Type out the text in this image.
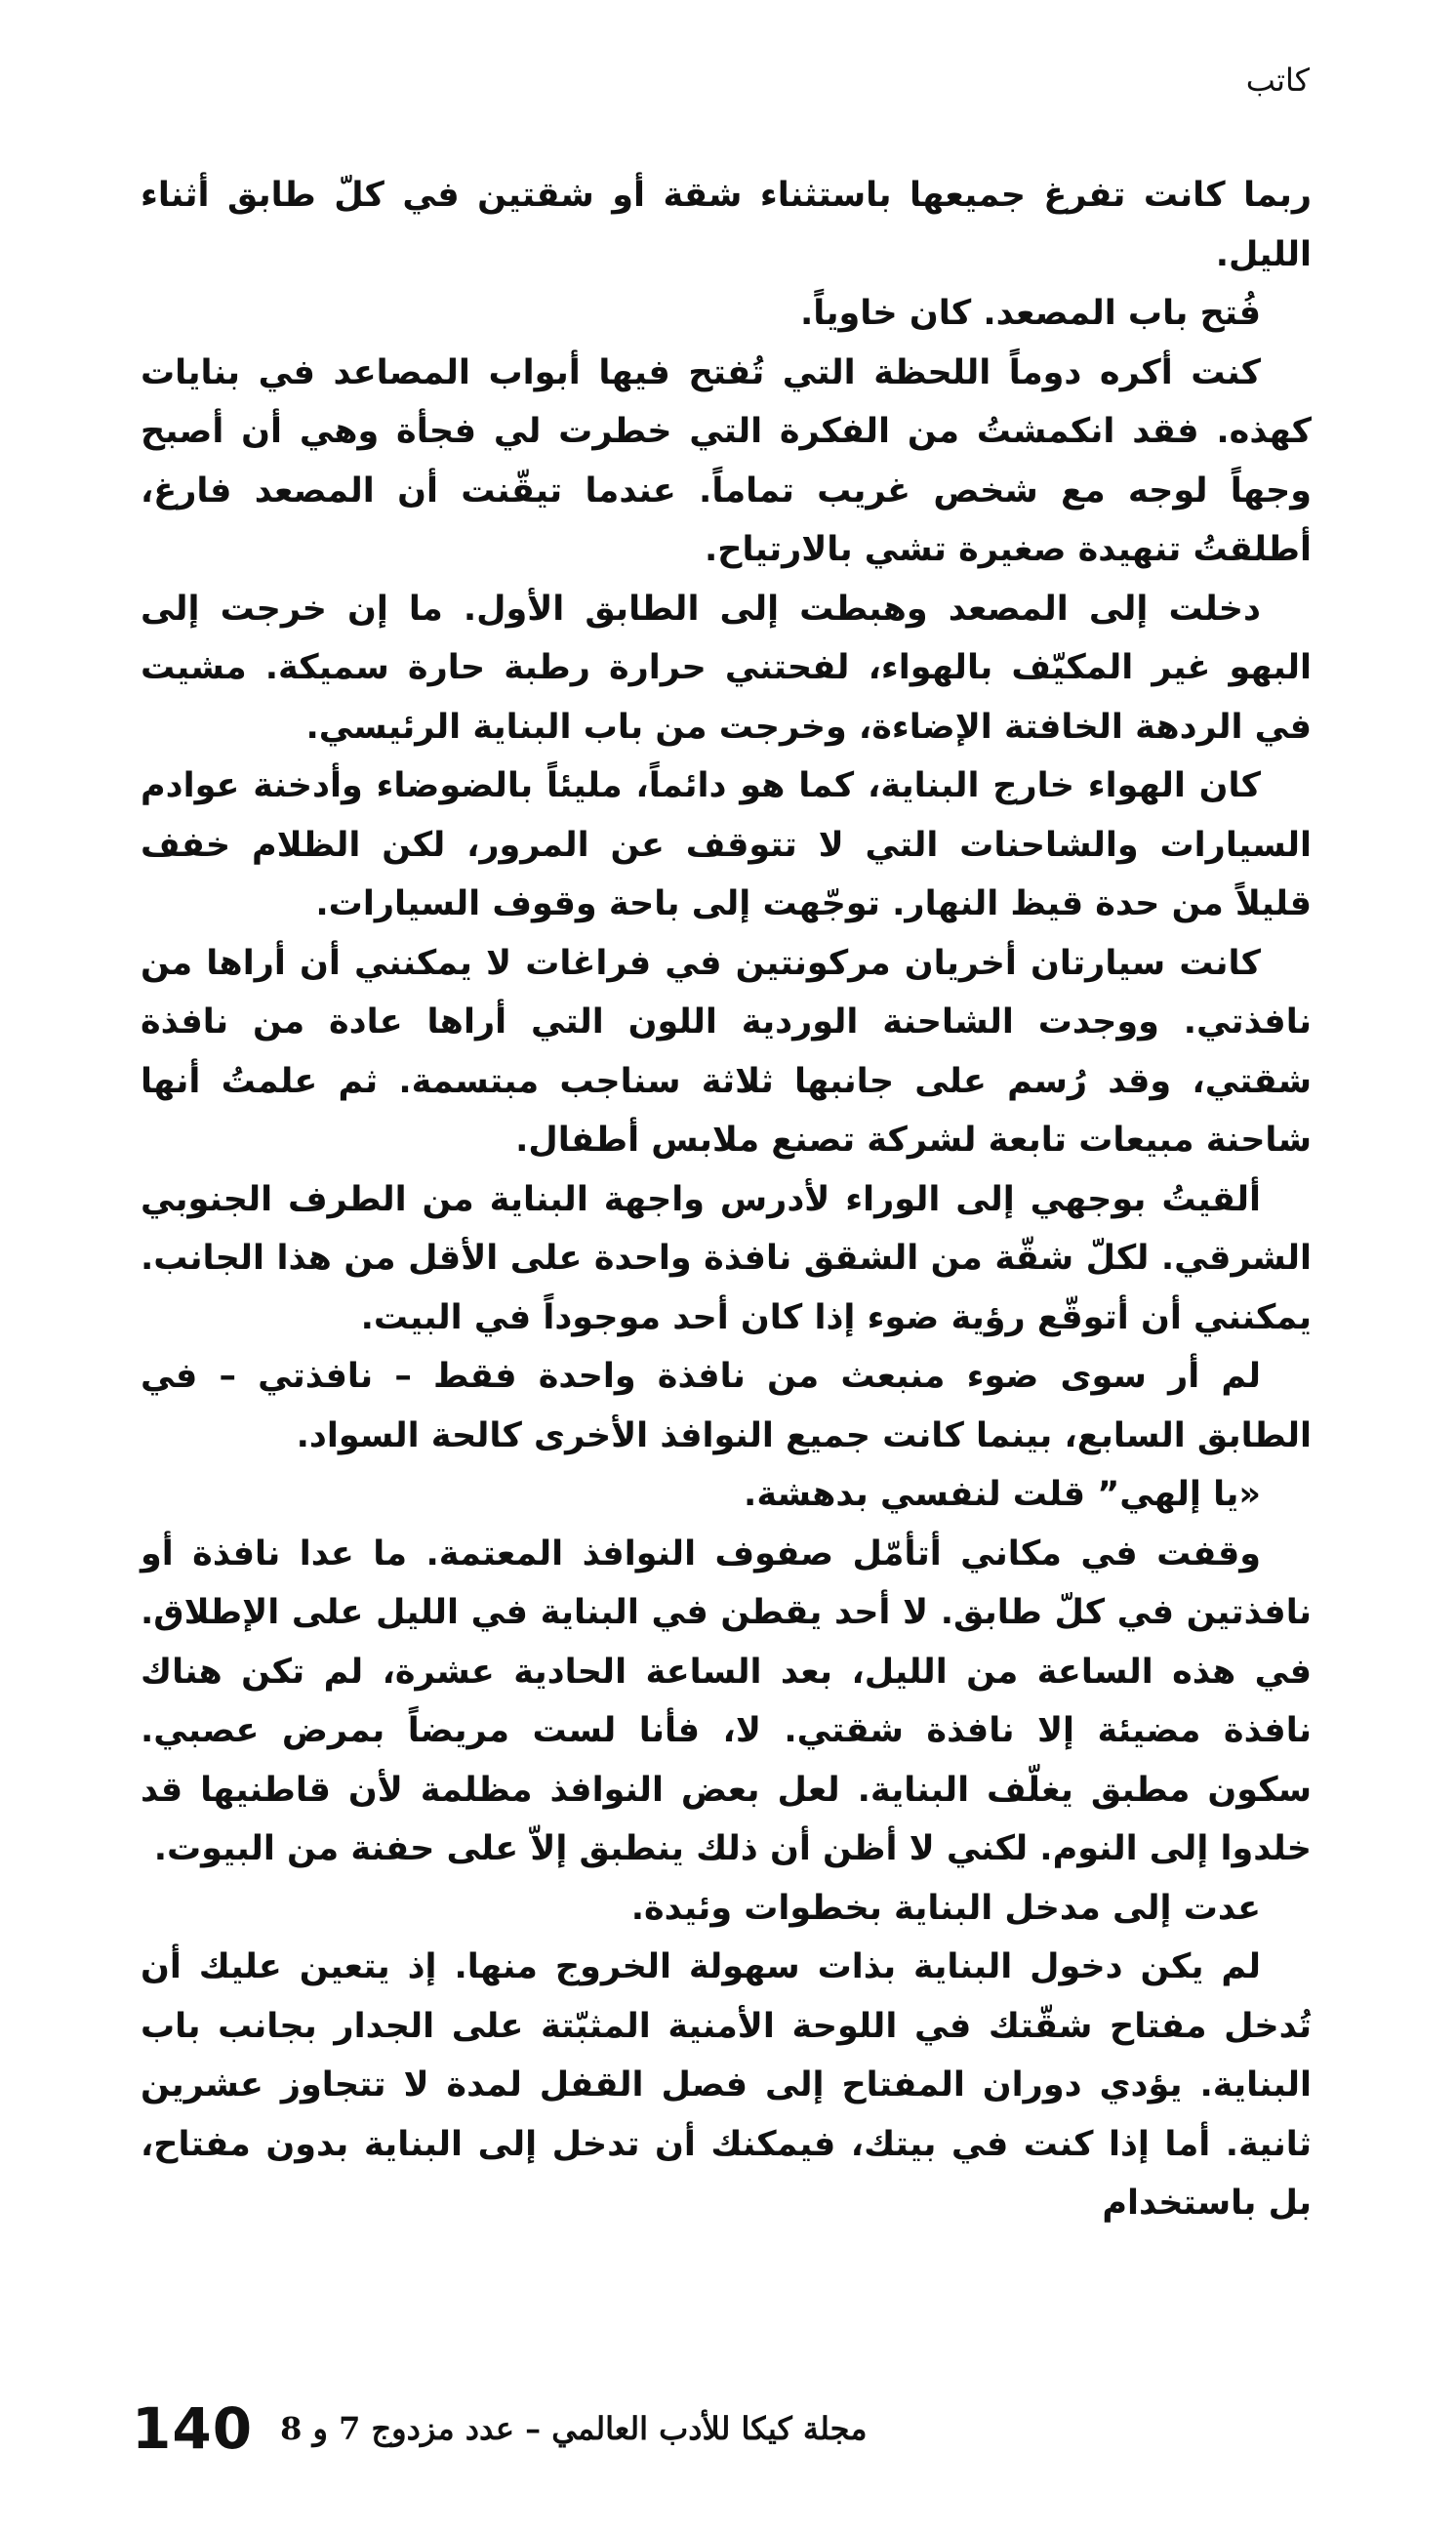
كاتب

ربما كانت تفرغ جميعها باستثناء شقة أو شقتين في كلّ طابق أثناء الليل.

فُتح باب المصعد. كان خاوياً.

كنت أكره دوماً اللحظة التي تُفتح فيها أبواب المصاعد في بنايات كهذه. فقد انكمشتُ من الفكرة التي خطرت لي فجأة وهي أن أصبح وجهاً لوجه مع شخص غريب تماماً. عندما تيقّنت أن المصعد فارغ، أطلقتُ تنهيدة صغيرة تشي بالارتياح.

دخلت إلى المصعد وهبطت إلى الطابق الأول. ما إن خرجت إلى البهو غير المكيّف بالهواء، لفحتني حرارة رطبة حارة سميكة. مشيت في الردهة الخافتة الإضاءة، وخرجت من باب البناية الرئيسي.

كان الهواء خارج البناية، كما هو دائماً، مليئاً بالضوضاء وأدخنة عوادم السيارات والشاحنات التي لا تتوقف عن المرور، لكن الظلام خفف قليلاً من حدة قيظ النهار. توجّهت إلى باحة وقوف السيارات.

كانت سيارتان أخريان مركونتين في فراغات لا يمكنني أن أراها من نافذتي. ووجدت الشاحنة الوردية اللون التي أراها عادة من نافذة شقتي، وقد رُسم على جانبها ثلاثة سناجب مبتسمة. ثم علمتُ أنها شاحنة مبيعات تابعة لشركة تصنع ملابس أطفال.

ألقيتُ بوجهي إلى الوراء لأدرس واجهة البناية من الطرف الجنوبي الشرقي. لكلّ شقّة من الشقق نافذة واحدة على الأقل من هذا الجانب. يمكنني أن أتوقّع رؤية ضوء إذا كان أحد موجوداً في البيت.

لم أر سوى ضوء منبعث من نافذة واحدة فقط – نافذتي – في الطابق السابع، بينما كانت جميع النوافذ الأخرى كالحة السواد.

«يا إلهي” قلت لنفسي بدهشة.

وقفت في مكاني أتأمّل صفوف النوافذ المعتمة. ما عدا نافذة أو نافذتين في كلّ طابق. لا أحد يقطن في البناية في الليل على الإطلاق. في هذه الساعة من الليل، بعد الساعة الحادية عشرة، لم تكن هناك نافذة مضيئة إلا نافذة شقتي. لا، فأنا لست مريضاً بمرض عصبي. سكون مطبق يغلّف البناية. لعل بعض النوافذ مظلمة لأن قاطنيها قد خلدوا إلى النوم. لكني لا أظن أن ذلك ينطبق إلاّ على حفنة من البيوت.

عدت إلى مدخل البناية بخطوات وئيدة.

لم يكن دخول البناية بذات سهولة الخروج منها. إذ يتعين عليك أن تُدخل مفتاح شقّتك في اللوحة الأمنية المثبّتة على الجدار بجانب باب البناية. يؤدي دوران المفتاح إلى فصل القفل لمدة لا تتجاوز عشرين ثانية. أما إذا كنت في بيتك، فيمكنك أن تدخل إلى البناية بدون مفتاح، بل باستخدام

140 مجلة كيكا للأدب العالمي – عدد مزدوج 7 و 8
